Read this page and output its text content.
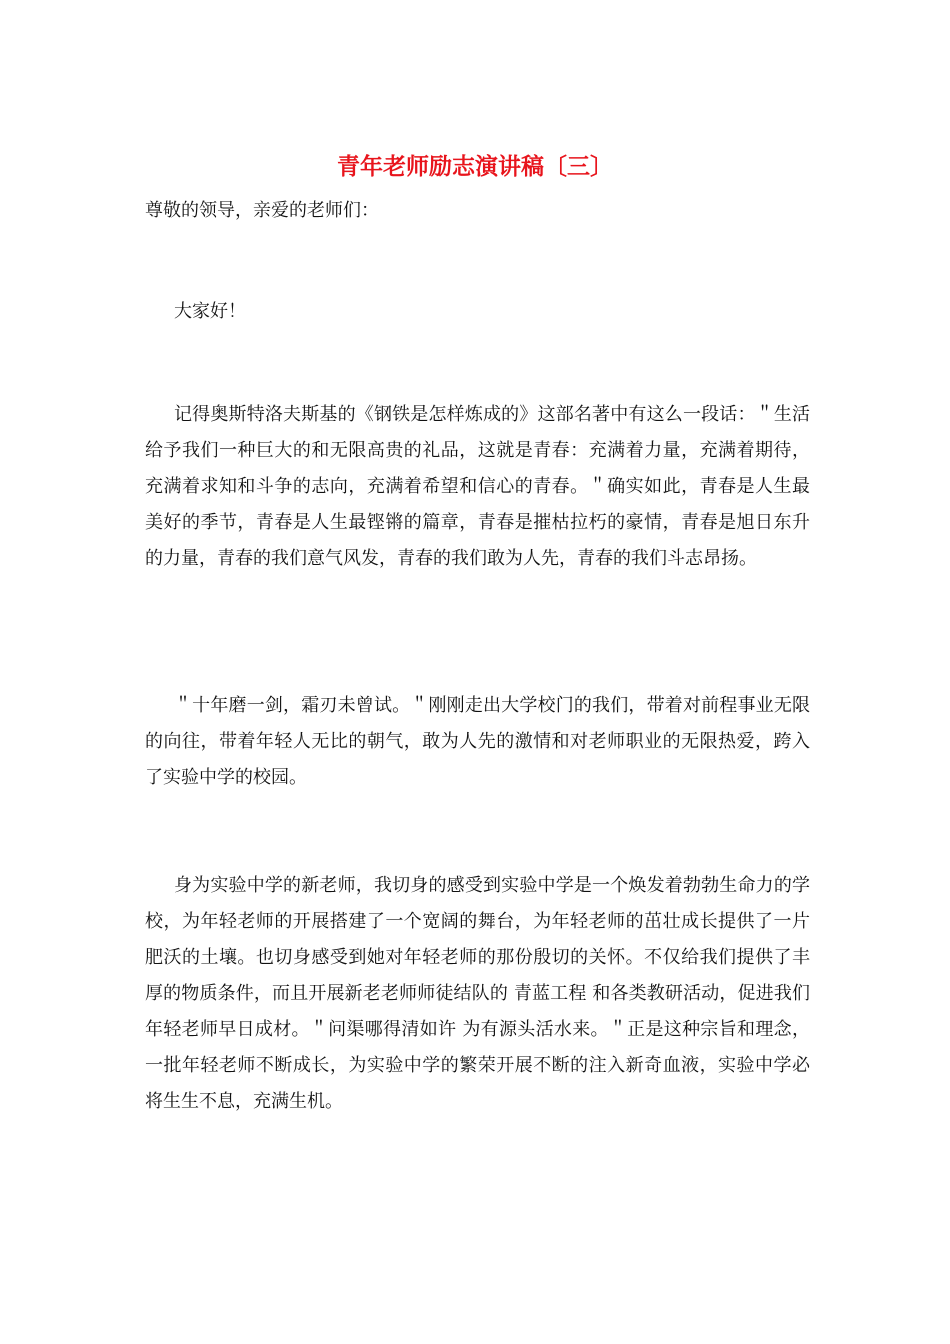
青年老师励志演讲稿〔三〕

尊敬的领导，亲爱的老师们：

大家好！

记得奥斯特洛夫斯基的《钢铁是怎样炼成的》这部名著中有这么一段话：＂生活给予我们一种巨大的和无限高贵的礼品，这就是青春：充满着力量，充满着期待，充满着求知和斗争的志向，充满着希望和信心的青春。＂确实如此，青春是人生最美好的季节，青春是人生最铿锵的篇章，青春是摧枯拉朽的豪情，青春是旭日东升的力量，青春的我们意气风发，青春的我们敢为人先，青春的我们斗志昂扬。

＂十年磨一剑，霜刃未曾试。＂刚刚走出大学校门的我们，带着对前程事业无限的向往，带着年轻人无比的朝气，敢为人先的激情和对老师职业的无限热爱，跨入了实验中学的校园。

身为实验中学的新老师，我切身的感受到实验中学是一个焕发着勃勃生命力的学校，为年轻老师的开展搭建了一个宽阔的舞台，为年轻老师的茁壮成长提供了一片肥沃的土壤。也切身感受到她对年轻老师的那份殷切的关怀。不仅给我们提供了丰厚的物质条件，而且开展新老老师师徒结队的 青蓝工程 和各类教研活动，促进我们年轻老师早日成材。＂问渠哪得清如许 为有源头活水来。＂正是这种宗旨和理念，一批年轻老师不断成长，为实验中学的繁荣开展不断的注入新奇血液，实验中学必将生生不息，充满生机。
